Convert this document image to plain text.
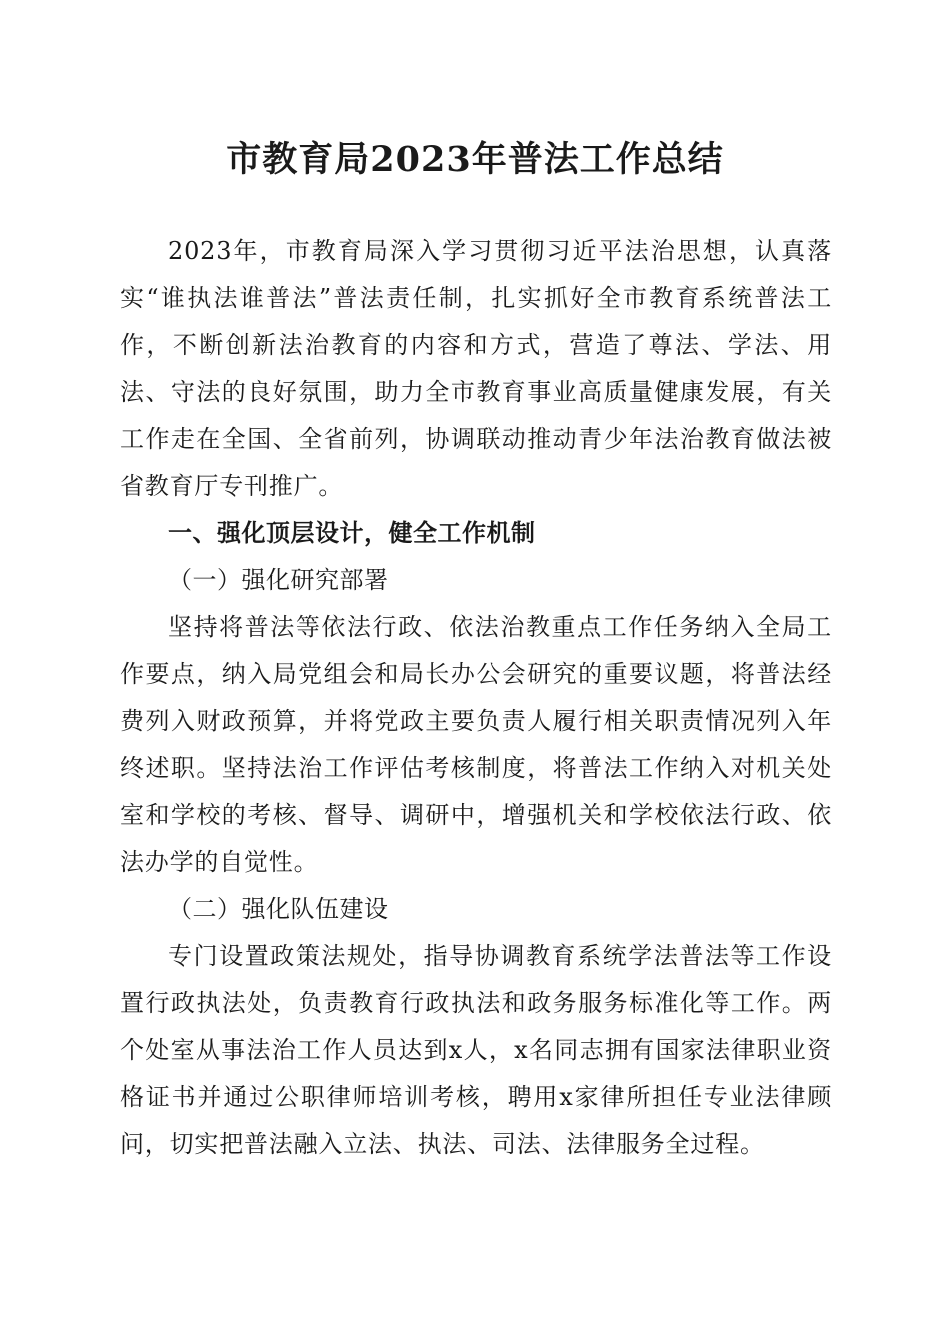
市教育局2023年普法工作总结

2023年，市教育局深入学习贯彻习近平法治思想，认真落实“谁执法谁普法”普法责任制，扎实抓好全市教育系统普法工作，不断创新法治教育的内容和方式，营造了尊法、学法、用法、守法的良好氛围，助力全市教育事业高质量健康发展，有关工作走在全国、全省前列，协调联动推动青少年法治教育做法被省教育厅专刊推广。

一、强化顶层设计，健全工作机制

（一）强化研究部署

坚持将普法等依法行政、依法治教重点工作任务纳入全局工作要点，纳入局党组会和局长办公会研究的重要议题，将普法经费列入财政预算，并将党政主要负责人履行相关职责情况列入年终述职。坚持法治工作评估考核制度，将普法工作纳入对机关处室和学校的考核、督导、调研中，增强机关和学校依法行政、依法办学的自觉性。

（二）强化队伍建设

专门设置政策法规处，指导协调教育系统学法普法等工作设置行政执法处，负责教育行政执法和政务服务标准化等工作。两个处室从事法治工作人员达到x人，x名同志拥有国家法律职业资格证书并通过公职律师培训考核，聘用x家律所担任专业法律顾问，切实把普法融入立法、执法、司法、法律服务全过程。
